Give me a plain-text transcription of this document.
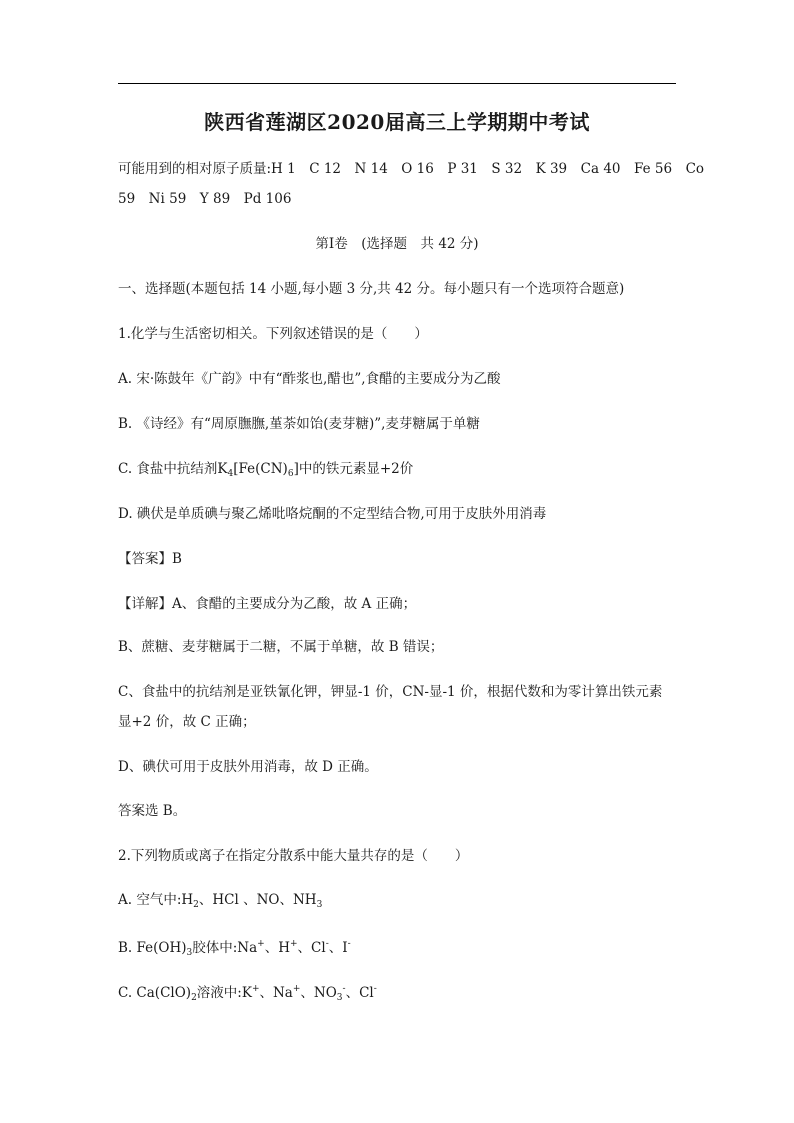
陕西省莲湖区2020届高三上学期期中考试
可能用到的相对原子质量:H 1　C 12　N 14　O 16　P 31　S 32　K 39　Ca 40　Fe 56　Co
59　Ni 59　Y 89　Pd 106
第Ⅰ卷　(选择题　共 42 分)
一、选择题(本题包括 14 小题,每小题 3 分,共 42 分。每小题只有一个选项符合题意)
1.化学与生活密切相关。下列叙述错误的是（　　）
A. 宋·陈鼓年《广韵》中有“酢浆也,醋也”,食醋的主要成分为乙酸
B. 《诗经》有“周原膴膴,堇荼如饴(麦芽糖)”,麦芽糖属于单糖
C. 食盐中抗结剂$K_4[Fe(CN)_6]$中的铁元素显+2价
D. 碘伏是单质碘与聚乙烯吡咯烷酮的不定型结合物,可用于皮肤外用消毒
【答案】B
【详解】A、食醋的主要成分为乙酸，故 A 正确；
B、蔗糖、麦芽糖属于二糖，不属于单糖，故 B 错误；
C、食盐中的抗结剂是亚铁氰化钾，钾显-1 价，CN-显-1 价，根据代数和为零计算出铁元素
显+2 价，故 C 正确；
D、碘伏可用于皮肤外用消毒，故 D 正确。
答案选 B。
2.下列物质或离子在指定分散系中能大量共存的是（　　）
A. 空气中$:H_2$、HCl 、NO、$NH_3$
B. $Fe(OH)_3$胶体中:Na+、H+、Cl-、I-
C. $Ca(ClO)_2$溶液中:K+、Na+、$NO_3^-$、Cl-
